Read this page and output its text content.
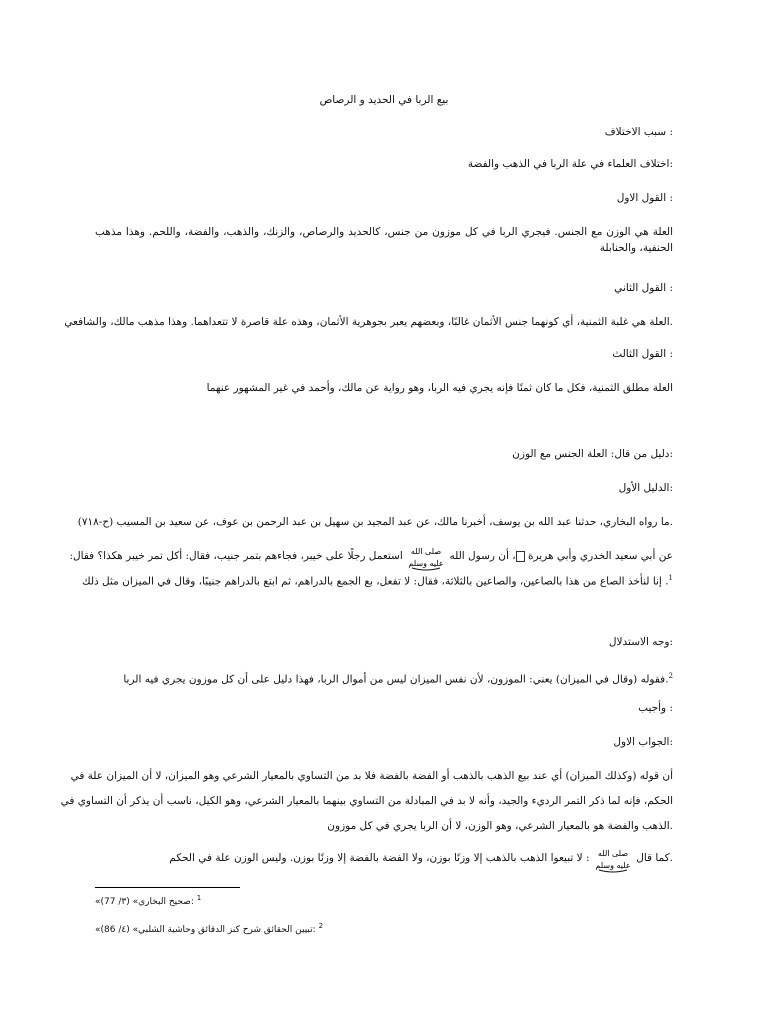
بيع الربا في الحديد و الرصاص
: سبب الاختلاف
:اختلاف العلماء في علة الربا في الذهب والفضة
: القول الاول
العلة هي الوزن مع الجنس. فيجري الربا في كل موزون من جنس، كالحديد والرصاص، والزنك، والذهب، والفضة، واللحم. وهذا مذهب الحنفية، والحنابلة
: القول الثاني
.العلة هي غلبة الثمنية، أي كونهما جنس الأثمان غالبًا، وبعضهم يعبر بجوهرية الأثمان، وهذه علة قاصرة لا تتعداهما. وهذا مذهب مالك، والشافعي
: القول الثالث
العلة مطلق الثمنية، فكل ما كان ثمنًا فإنه يجري فيه الربا، وهو رواية عن مالك، وأحمد في غير المشهور عنهما
:دليل من قال: العلة الجنس مع الوزن
:الدليل الأول
.ما رواه البخاري، حدثنا عبد الله بن يوسف، أخبرنا مالك، عن عبد المجيد بن سهيل بن عبد الرحمن بن عوف، عن سعيد بن المسيب (ح-٧١٨)
عن أبي سعيد الخدري وأبي هريرة ، أن رسول الله
صلى الله
عليه وسلم
استعمل رجلًا على خيبر، فجاءهم بتمر جنيب، فقال: أكل تمر خيبر هكذا؟ فقال:
$^1$. إنا لنأخذ الصاع من هذا بالصاعين، والصاعين بالثلاثة، فقال: لا تفعل، بع الجمع بالدراهم، ثم ابتع بالدراهم جنيبًا، وقال في الميزان مثل ذلك
:وجه الاستدلال
$^2$.فقوله (وقال في الميزان) يعني: الموزون، لأن نفس الميزان ليس من أموال الربا، فهذا دليل على أن كل موزون يجري فيه الربا
: وأجيب
:الجواب الاول
أن قوله (وكذلك الميزان) أي عند بيع الذهب بالذهب أو الفضة بالفضة فلا بد من التساوي بالمعيار الشرعي وهو الميزان، لا أن الميزان علة في
الحكم، فإنه لما ذكر التمر الرديء والجيد، وأنه لا بد في المبادلة من التساوي بينهما بالمعيار الشرعي، وهو الكيل، ناسب أن يذكر أن التساوي في
.الذهب والفضة هو بالمعيار الشرعي، وهو الوزن، لا أن الربا يجري في كل موزون
.كما قال
صلى الله
عليه وسلم
: لا تبيعوا الذهب بالذهب إلا وزنًا بوزن، ولا الفضة بالفضة إلا وزنًا بوزن. وليس الوزن علة في الحكم
$^1$ :صحيح البخاري» (٣/ 77)»
$^2$ :تبيين الحقائق شرح كنز الدقائق وحاشية الشلبي» (٤/ 86)»
